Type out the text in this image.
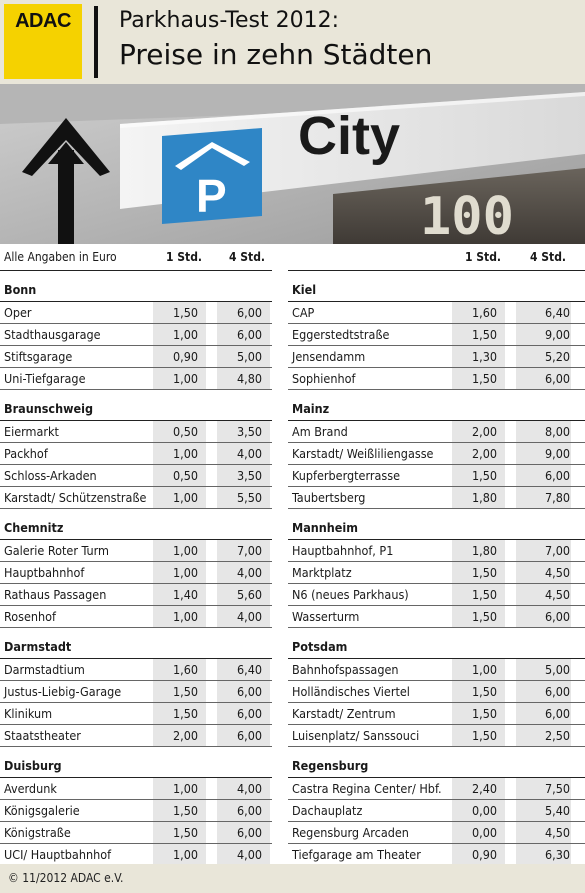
ADAC	Parkhaus-Test 2012:
Preise in zehn Städten
P
City
100
Alle Angaben in Euro	1 Std. 4 Std.
Bonn
Oper	1,50	6,00
Stadthausgarage	1,00	6,00
Stiftsgarage	0,90	5,00
Uni-Tiefgarage	1,00	4,80
Braunschweig
Eiermarkt	0,50	3,50
Packhof	1,00	4,00
Schloss-Arkaden	0,50	3,50
Karstadt/ Schützenstraße	1,00	5,50
Chemnitz
Galerie Roter Turm	1,00	7,00
Hauptbahnhof	1,00	4,00
Rathaus Passagen	1,40	5,60
Rosenhof	1,00	4,00
Darmstadt
Darmstadtium	1,60	6,40
Justus-Liebig-Garage	1,50	6,00
Klinikum	1,50	6,00
Staatstheater	2,00	6,00
Duisburg
Averdunk	1,00	4,00
Königsgalerie	1,50	6,00
Königstraße	1,50	6,00
UCI/ Hauptbahnhof	1,00	4,00
1 Std. 4 Std.
Kiel
CAP	1,60	6,40
Eggerstedtstraße	1,50	9,00
Jensendamm	1,30	5,20
Sophienhof	1,50	6,00
Mainz
Am Brand	2,00	8,00
Karstadt/ Weißliliengasse	2,00	9,00
Kupferbergterrasse	1,50	6,00
Taubertsberg	1,80	7,80
Mannheim
Hauptbahnhof, P1	1,80	7,00
Marktplatz	1,50	4,50
N6 (neues Parkhaus)	1,50	4,50
Wasserturm	1,50	6,00
Potsdam
Bahnhofspassagen	1,00	5,00
Holländisches Viertel	1,50	6,00
Karstadt/ Zentrum	1,50	6,00
Luisenplatz/ Sanssouci	1,50	2,50
Regensburg
Castra Regina Center/ Hbf.	2,40	7,50
Dachauplatz	0,00	5,40
Regensburg Arcaden	0,00	4,50
Tiefgarage am Theater	0,90	6,30
© 11/2012 ADAC e.V.
